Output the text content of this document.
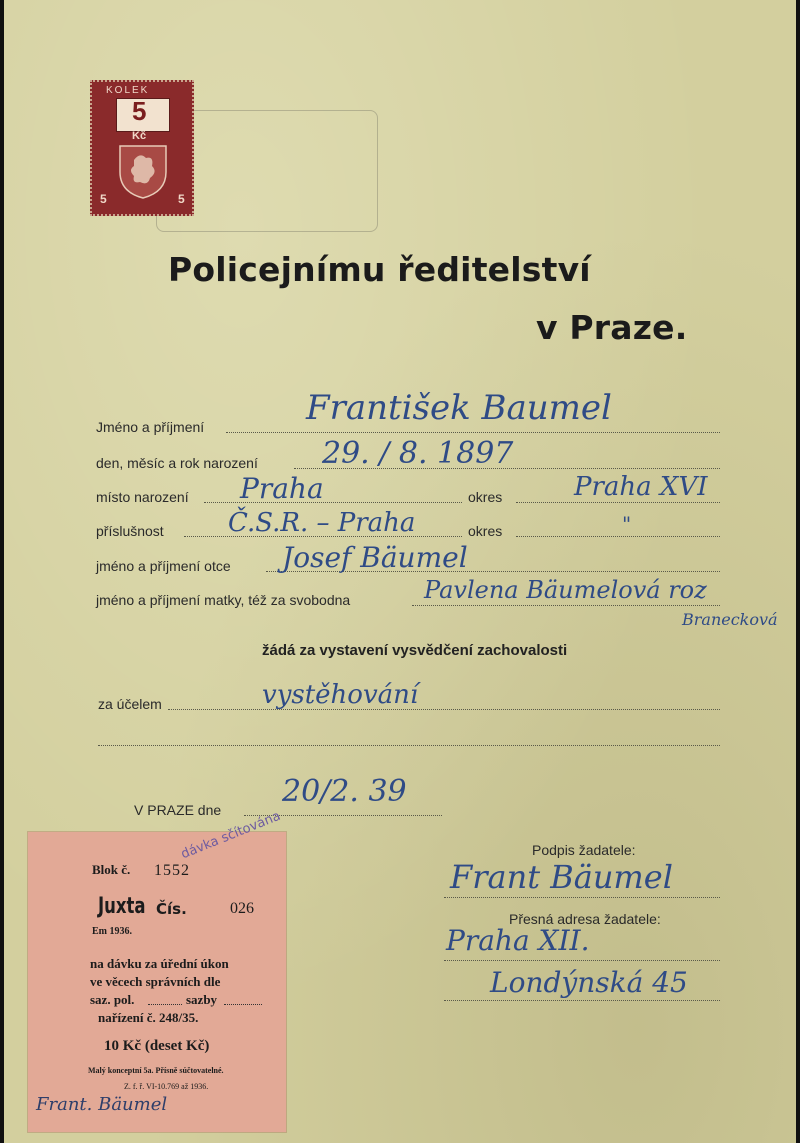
KOLEK
5
Kč
5	5
Policejnímu ředitelství
v Praze.
Jméno a příjmení	František Baumel
den, měsíc a rok narození 29. / 8. 1897
místo narození Praha	okres	Praha XVI
příslušnost Č.S.R. – Praha	okres	"
jméno a příjmení otce Josef Bäumel
jméno a příjmení matky, též za svobodna	Pavlena Bäumelová roz
Branecková
žádá za vystavení vysvědčení zachovalosti
za účelem	vystěhování
V PRAZE dne
20/2. 39
Podpis žadatele:
Frant Bäumel
Přesná adresa žadatele:
Praha XII.
Londýnská 45
dávka sčítována
Blok č. 1552
Juxta Čís.	026
Em 1936.
na dávku za úřední úkon
ve věcech správních dle
saz. pol.	sazby
nařízení č. 248/35.
10 Kč (deset Kč)
Malý konceptní 5a. Přísně súčtovatelné.
Z. f. ř. VI-10.769 až 1936.
Frant. Bäumel
